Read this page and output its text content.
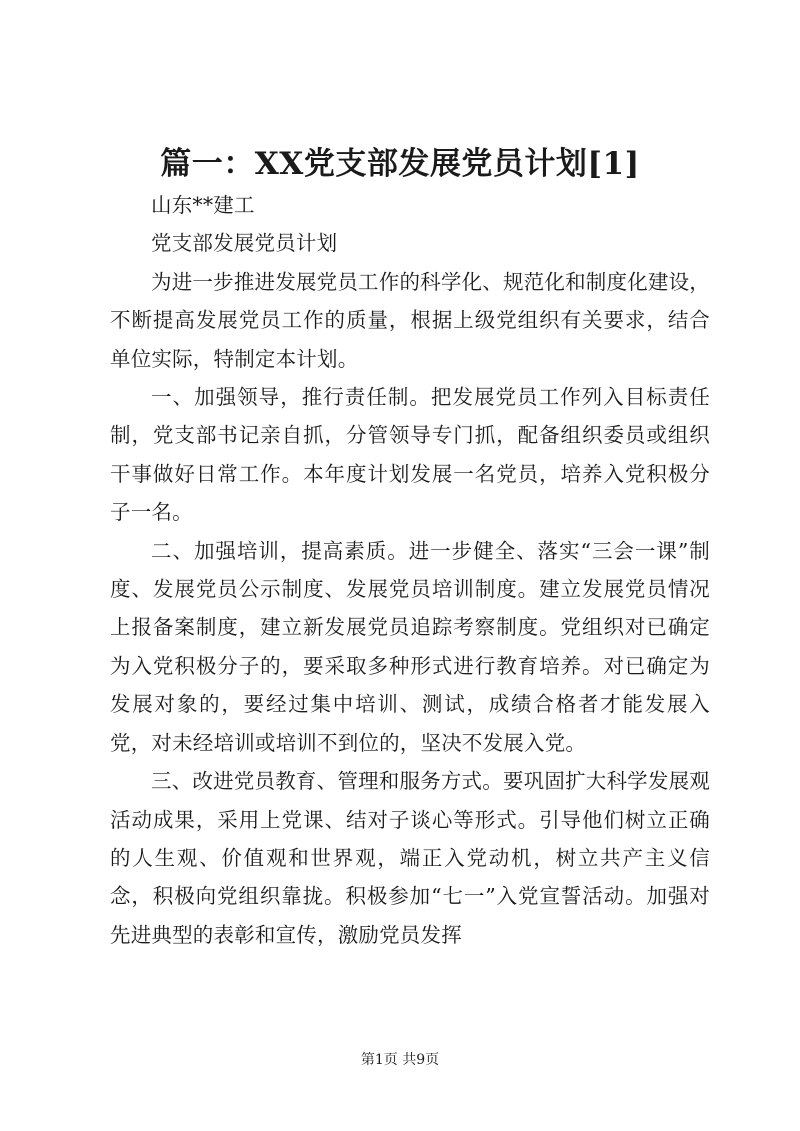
篇一：XX党支部发展党员计划[1]

山东**建工

党支部发展党员计划

为进一步推进发展党员工作的科学化、规范化和制度化建设，不断提高发展党员工作的质量，根据上级党组织有关要求，结合单位实际，特制定本计划。

一、加强领导，推行责任制。把发展党员工作列入目标责任制，党支部书记亲自抓，分管领导专门抓，配备组织委员或组织干事做好日常工作。本年度计划发展一名党员，培养入党积极分子一名。

二、加强培训，提高素质。进一步健全、落实“三会一课”制度、发展党员公示制度、发展党员培训制度。建立发展党员情况上报备案制度，建立新发展党员追踪考察制度。党组织对已确定为入党积极分子的，要采取多种形式进行教育培养。对已确定为发展对象的，要经过集中培训、测试，成绩合格者才能发展入党，对未经培训或培训不到位的，坚决不发展入党。

三、改进党员教育、管理和服务方式。要巩固扩大科学发展观活动成果，采用上党课、结对子谈心等形式。引导他们树立正确的人生观、价值观和世界观，端正入党动机，树立共产主义信念，积极向党组织靠拢。积极参加“七一”入党宣誓活动。加强对先进典型的表彰和宣传，激励党员发挥

第1页 共9页
